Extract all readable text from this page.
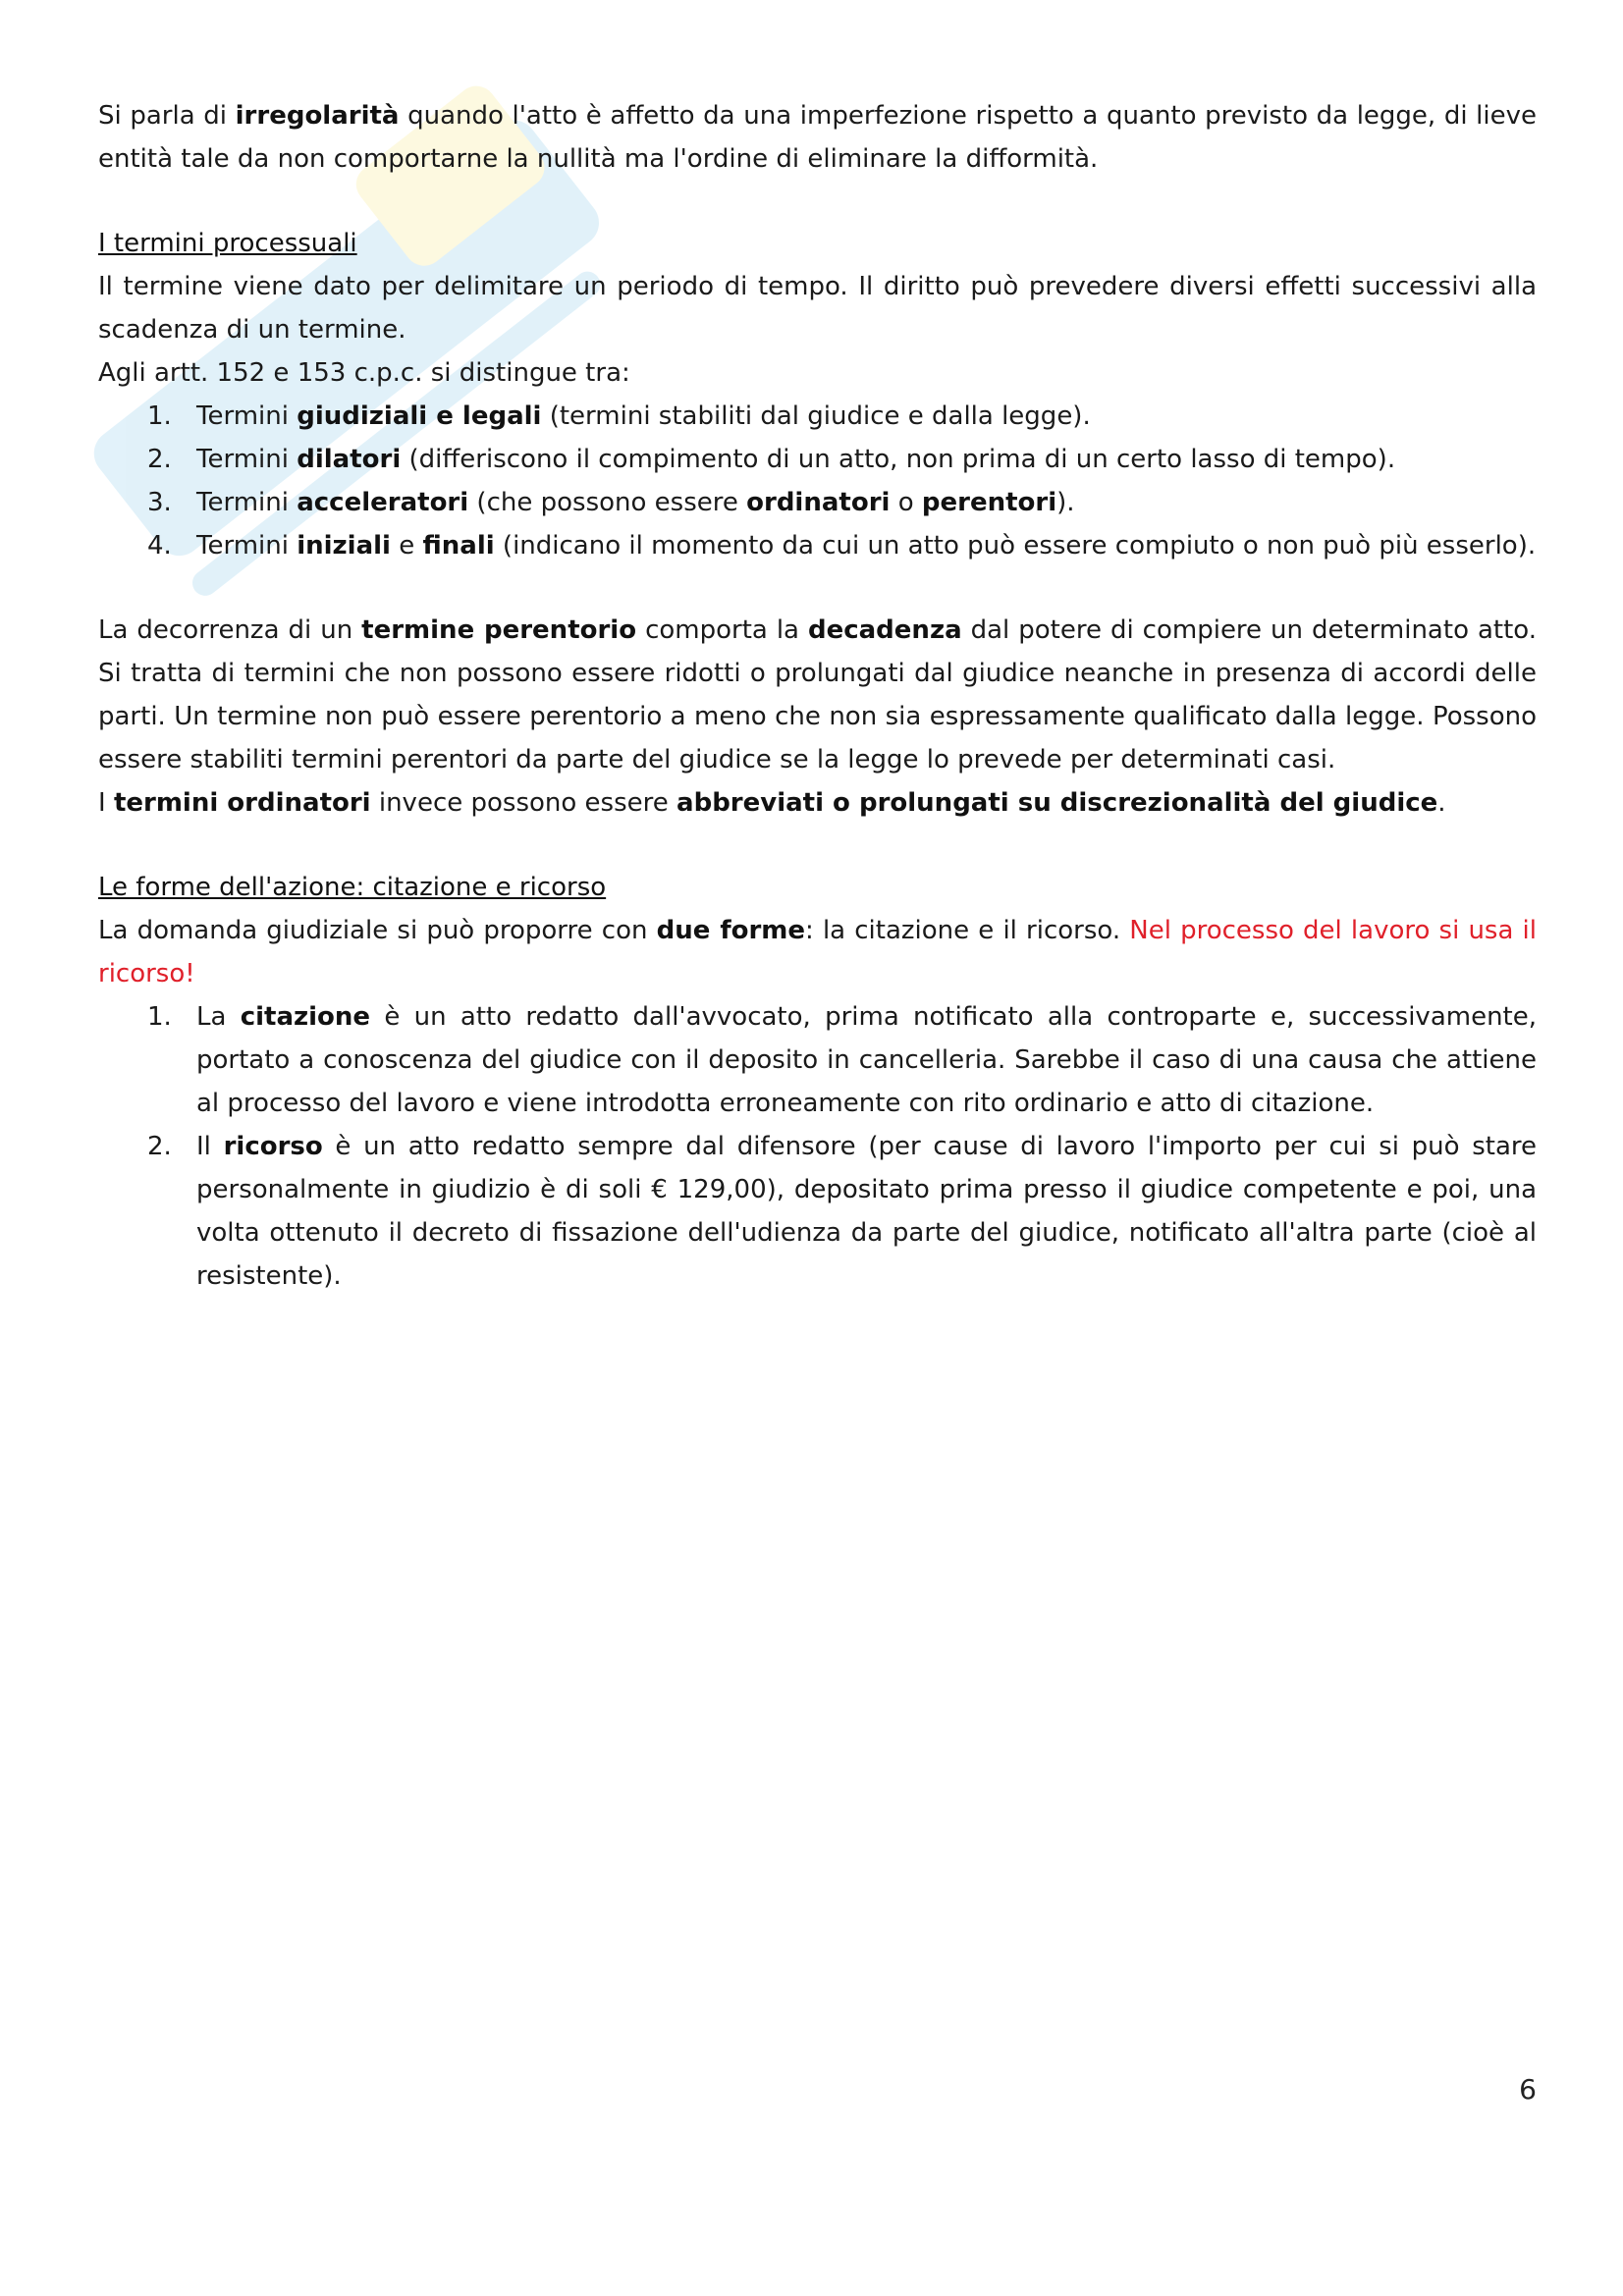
Si parla di irregolarità quando l'atto è affetto da una imperfezione rispetto a quanto previsto da legge, di lieve entità tale da non comportarne la nullità ma l'ordine di eliminare la difformità.

I termini processuali

Il termine viene dato per delimitare un periodo di tempo. Il diritto può prevedere diversi effetti successivi alla scadenza di un termine.

Agli artt. 152 e 153 c.p.c. si distingue tra:

1. Termini giudiziali e legali (termini stabiliti dal giudice e dalla legge).
2. Termini dilatori (differiscono il compimento di un atto, non prima di un certo lasso di tempo).
3. Termini acceleratori (che possono essere ordinatori o perentori).
4. Termini iniziali e finali (indicano il momento da cui un atto può essere compiuto o non può più esserlo).

La decorrenza di un termine perentorio comporta la decadenza dal potere di compiere un determinato atto. Si tratta di termini che non possono essere ridotti o prolungati dal giudice neanche in presenza di accordi delle parti. Un termine non può essere perentorio a meno che non sia espressamente qualificato dalla legge. Possono essere stabiliti termini perentori da parte del giudice se la legge lo prevede per determinati casi.

I termini ordinatori invece possono essere abbreviati o prolungati su discrezionalità del giudice.

Le forme dell'azione: citazione e ricorso

La domanda giudiziale si può proporre con due forme: la citazione e il ricorso. Nel processo del lavoro si usa il ricorso!

1. La citazione è un atto redatto dall'avvocato, prima notificato alla controparte e, successivamente, portato a conoscenza del giudice con il deposito in cancelleria. Sarebbe il caso di una causa che attiene al processo del lavoro e viene introdotta erroneamente con rito ordinario e atto di citazione.
2. Il ricorso è un atto redatto sempre dal difensore (per cause di lavoro l'importo per cui si può stare personalmente in giudizio è di soli € 129,00), depositato prima presso il giudice competente e poi, una volta ottenuto il decreto di fissazione dell'udienza da parte del giudice, notificato all'altra parte (cioè al resistente).
6
